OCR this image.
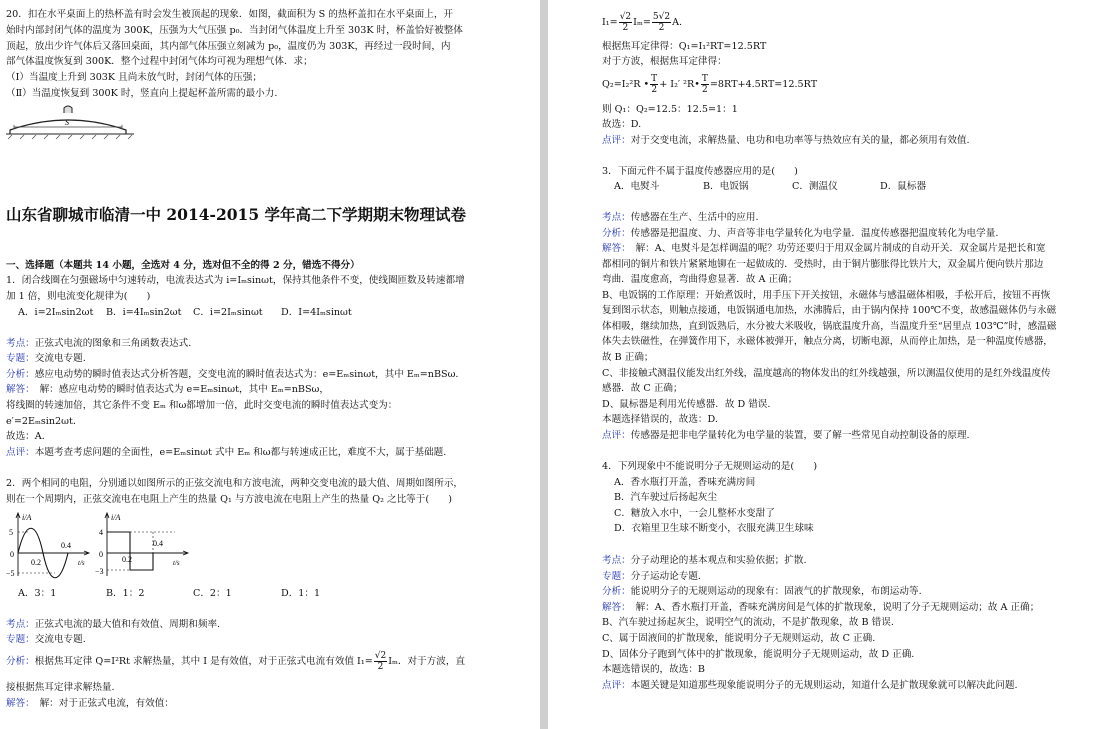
20．扣在水平桌面上的热杯盖有时会发生被顶起的现象．如图，截面积为 S 的热杯盖扣在水平桌面上，开
始时内部封闭气体的温度为 300K，压强为大气压强 p₀．当封闭气体温度上升至 303K 时，杯盖恰好被整体
顶起，放出少许气体后又落回桌面，其内部气体压强立刻减为 p₀，温度仍为 303K，再经过一段时间，内
部气体温度恢复到 300K．整个过程中封闭气体均可视为理想气体．求；
（Ⅰ）当温度上升到 303K 且尚未放气时，封闭气体的压强；
（Ⅱ）当温度恢复到 300K 时，竖直向上提起杯盖所需的最小力.
S
山东省聊城市临清一中 2014-2015 学年高二下学期期末物理试卷
一、选择题（本题共 14 小题，全选对 4 分，选对但不全的得 2 分，错选不得分）
1．闭合线圈在匀强磁场中匀速转动，电流表达式为 i=Iₘsinωt，保持其他条件不变，使线圈匝数及转速都增
加 1 倍，则电流变化规律为(　　)
A．i=2Iₘsin2ωt B．i=4Iₘsin2ωt C．i=2Iₘsinωt D．I=4Iₘsinωt
考点：正弦式电流的图象和三角函数表达式.
专题：交流电专题.
分析：感应电动势的瞬时值表达式分析答题，交变电流的瞬时值表达式为：e=Eₘsinωt，其中 Eₘ=nBSω.
解答：　解：感应电动势的瞬时值表达式为 e=Eₘsinωt，其中 Eₘ=nBSω，
将线圈的转速加倍，其它条件不变 Eₘ 和ω都增加一倍，此时交变电流的瞬时值表达式变为：
e′=2Eₘsin2ωt．
故选：A．
点评：本题考查考虑问题的全面性，e=Eₘsinωt 式中 Eₘ 和ω都与转速成正比，难度不大，属于基础题.
2．两个相同的电阻，分别通以如图所示的正弦交流电和方波电流，两种交变电流的最大值、周期如图所示，
则在一个周期内，正弦交流电在电阻上产生的热量 Q₁ 与方波电流在电阻上产生的热量 Q₂ 之比等于(　　)
i/A
5
−5
0
0.2
0.4
t/s
i/A
4
−3
0
0.2
0.4
t/s
A．3：1	B．1：2	C．2：1	D．1：1
考点：正弦式电流的最大值和有效值、周期和频率.
专题：交流电专题.
分析：根据焦耳定律 Q=I²Rt 求解热量，其中 I 是有效值，对于正弦式电流有效值 $I_1= \frac{√2}{2}$ Iₘ．对于方波，直
接根据焦耳定律求解热量.
解答：　解：对于正弦式电流，有效值：
$I_1= \frac{√2}{2} I_m= \frac{5√2}{2} A$.
根据焦耳定律得：Q₁=I₁²RT=12.5RT
对于方波，根据焦耳定律得：
Q₂=I₂²R • $\frac{T}{2} + I_2'$ ²R• $\frac{T}{2} =8RT+4.5RT=12.5RT$
则 Q₁：Q₂=12.5：12.5=1：1
故选：D.
点评：对于交变电流，求解热量、电功和电功率等与热效应有关的量，都必须用有效值.
3．下面元件不属于温度传感器应用的是(　　)
A．电熨斗	B．电饭锅	C．测温仪	D．鼠标器
考点：传感器在生产、生活中的应用.
分析：传感器是把温度、力、声音等非电学量转化为电学量．温度传感器把温度转化为电学量.
解答：　解：A、电熨斗是怎样调温的呢？功劳还要归于用双金属片制成的自动开关．双金属片是把长和宽
都相同的铜片和铁片紧紧地铆在一起做成的．受热时，由于铜片膨胀得比铁片大，双金属片便向铁片那边
弯曲．温度愈高，弯曲得愈显著．故 A 正确；
B、电饭锅的工作原理：开始煮饭时，用手压下开关按钮，永磁体与感温磁体相吸，手松开后，按钮不再恢
复到图示状态，则触点接通，电饭锅通电加热，水沸腾后，由于锅内保持 100℃不变，故感温磁体仍与永磁
体相吸，继续加热，直到饭熟后，水分被大米吸收，锅底温度升高，当温度升至“居里点 103℃”时，感温磁
体失去铁磁性，在弹簧作用下，永磁体被弹开，触点分离，切断电源，从而停止加热，是一种温度传感器，
故 B 正确；
C、非接触式测温仪能发出红外线，温度越高的物体发出的红外线越强，所以测温仪使用的是红外线温度传
感器．故 C 正确；
D、鼠标器是利用光传感器．故 D 错误.
本题选择错误的，故选：D.
点评：传感器是把非电学量转化为电学量的装置，要了解一些常见自动控制设备的原理.
4．下列现象中不能说明分子无规则运动的是(　　)
A．香水瓶打开盖，香味充满房间
B．汽车驶过后扬起灰尘
C．糖放入水中，一会儿整杯水变甜了
D．衣箱里卫生球不断变小，衣服充满卫生球味
考点：分子动理论的基本观点和实验依据；扩散.
专题：分子运动论专题.
分析：能说明分子的无规则运动的现象有：固液气的扩散现象，布朗运动等.
解答：　解：A、香水瓶打开盖，香味充满房间是气体的扩散现象，说明了分子无规则运动；故 A 正确；
B、汽车驶过扬起灰尘，说明空气的流动，不是扩散现象，故 B 错误.
C、属于固液间的扩散现象，能说明分子无规则运动，故 C 正确.
D、固体分子跑到气体中的扩散现象，能说明分子无规则运动，故 D 正确.
本题选错误的，故选：B
点评：本题关键是知道那些现象能说明分子的无规则运动，知道什么是扩散现象就可以解决此问题.
